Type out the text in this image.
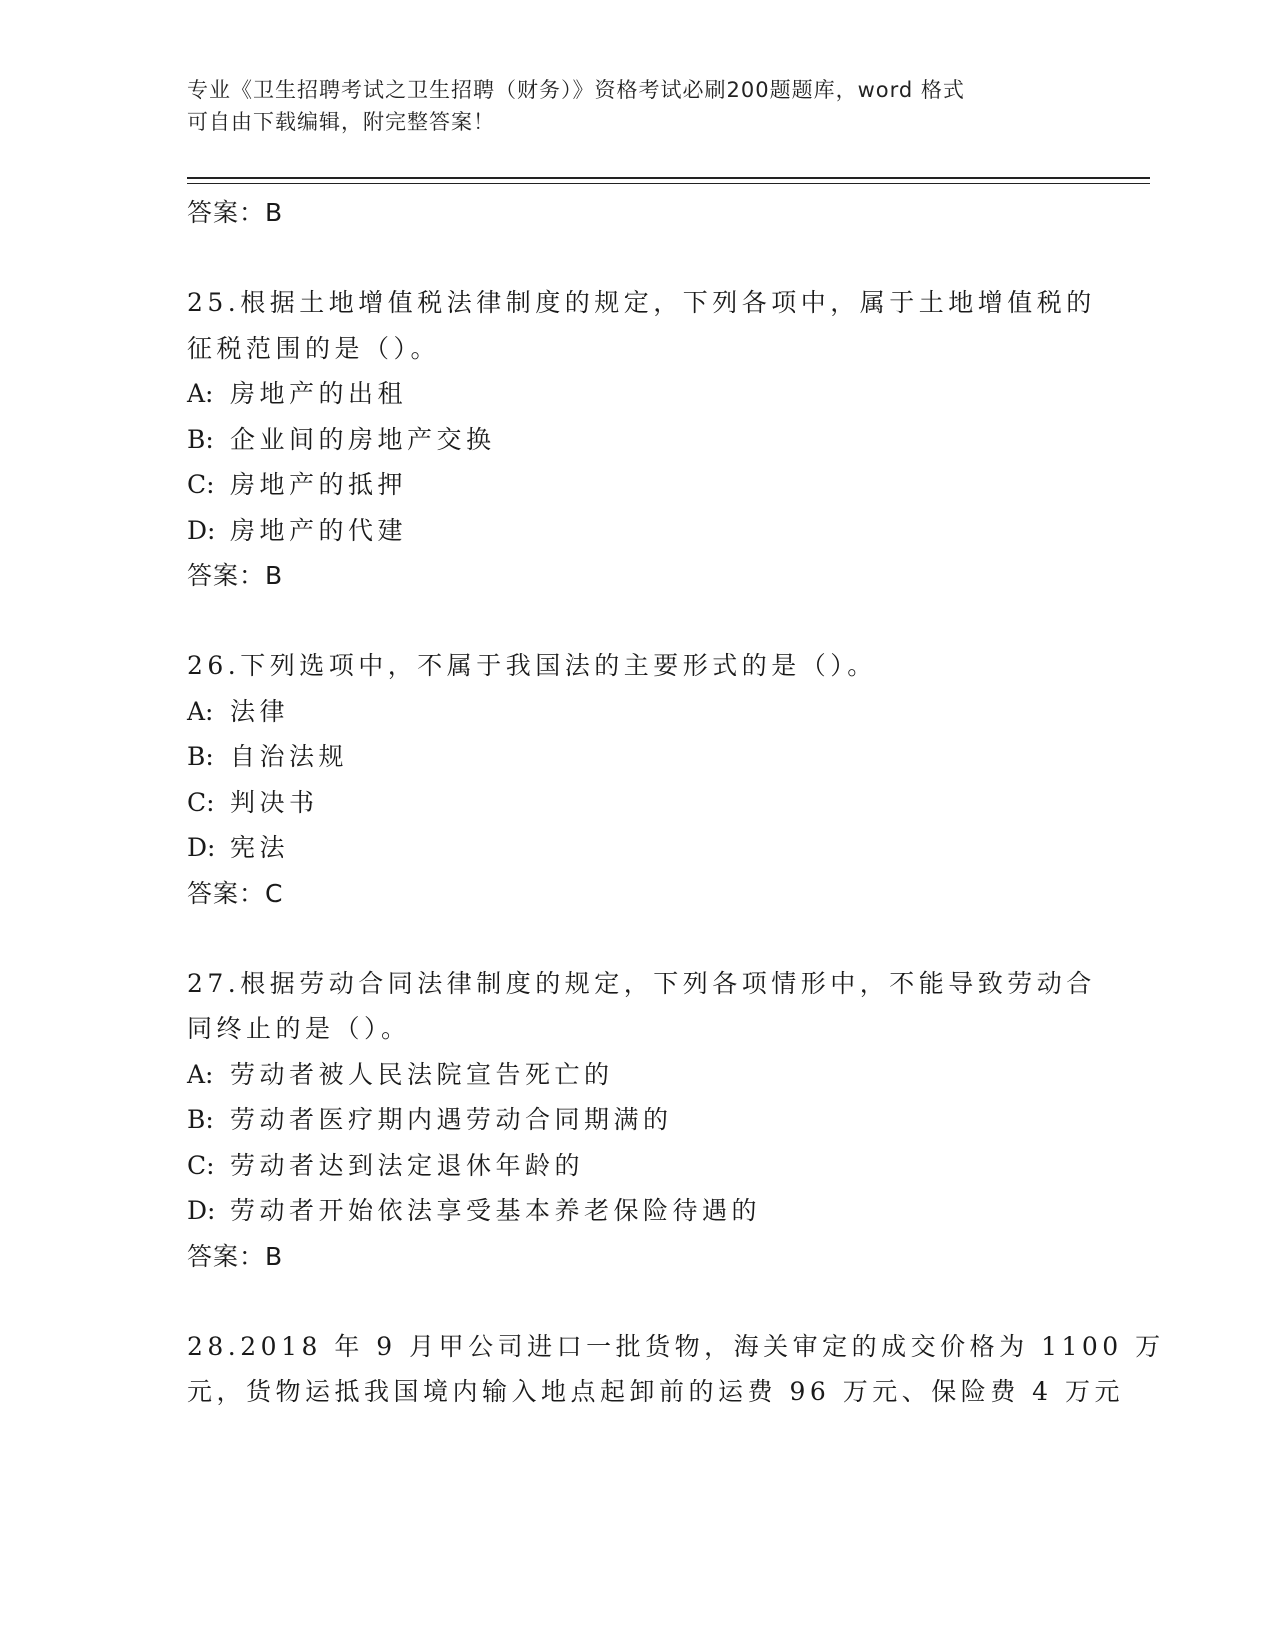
专业《卫生招聘考试之卫生招聘（财务）》资格考试必刷200题题库，word 格式
可自由下载编辑，附完整答案！
答案：B
25.根据土地增值税法律制度的规定，下列各项中，属于土地增值税的
征税范围的是（）。
A: 房地产的出租
B: 企业间的房地产交换
C: 房地产的抵押
D: 房地产的代建
答案：B
26.下列选项中，不属于我国法的主要形式的是（）。
A: 法律
B: 自治法规
C: 判决书
D: 宪法
答案：C
27.根据劳动合同法律制度的规定，下列各项情形中，不能导致劳动合
同终止的是（）。
A: 劳动者被人民法院宣告死亡的
B: 劳动者医疗期内遇劳动合同期满的
C: 劳动者达到法定退休年龄的
D: 劳动者开始依法享受基本养老保险待遇的
答案：B
28.2018 年 9 月甲公司进口一批货物，海关审定的成交价格为 1100 万
元，货物运抵我国境内输入地点起卸前的运费 96 万元、保险费 4 万元
